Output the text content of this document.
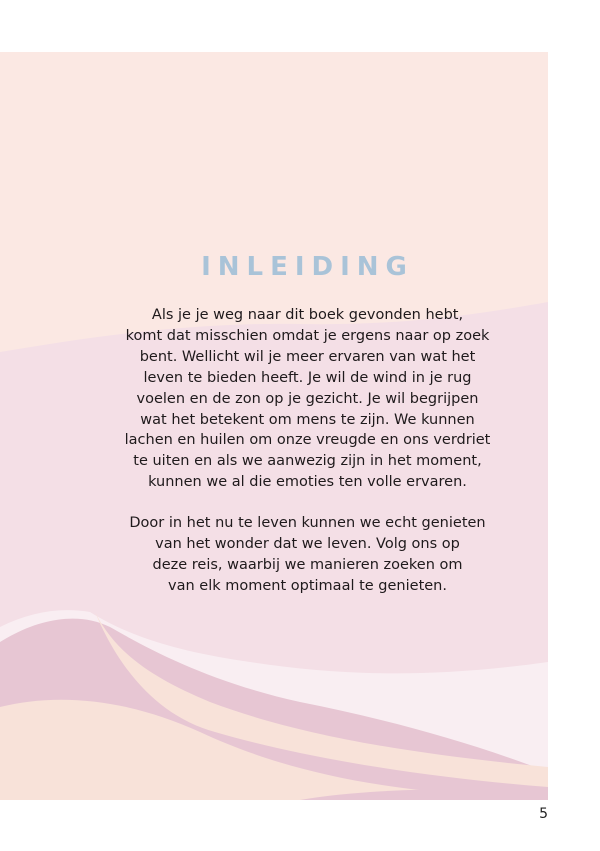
INLEIDING

Als je je weg naar dit boek gevonden hebt,
komt dat misschien omdat je ergens naar op zoek
bent. Wellicht wil je meer ervaren van wat het
leven te bieden heeft. Je wil de wind in je rug
voelen en de zon op je gezicht. Je wil begrijpen
wat het betekent om mens te zijn. We kunnen
lachen en huilen om onze vreugde en ons verdriet
te uiten en als we aanwezig zijn in het moment,
kunnen we al die emoties ten volle ervaren.

Door in het nu te leven kunnen we echt genieten
van het wonder dat we leven. Volg ons op
deze reis, waarbij we manieren zoeken om
van elk moment optimaal te genieten.

5
